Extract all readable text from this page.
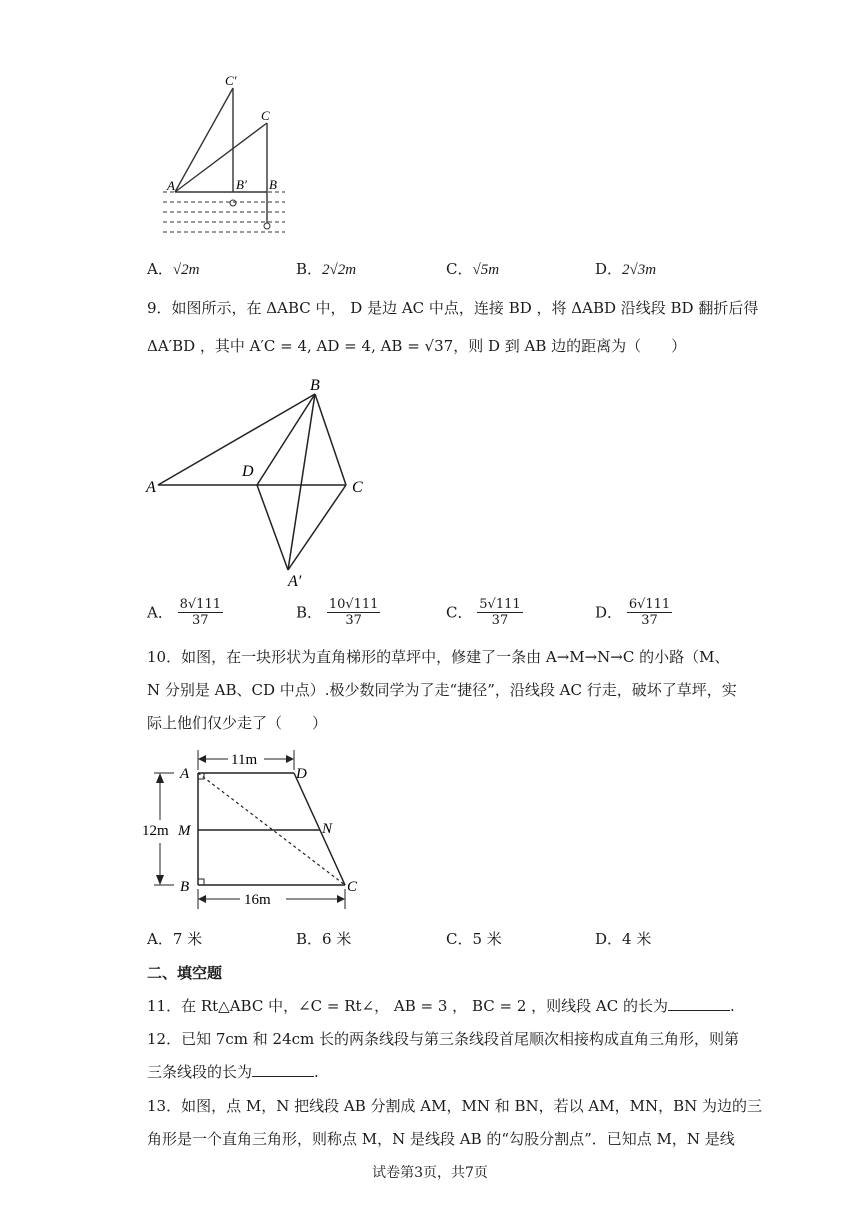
A
C′
C
B′ B
A．√2m	B．2√2m	C．√5m	D．2√3m
9．如图所示，在 ΔABC 中， D 是边 AC 中点，连接 BD ，将 ΔABD 沿线段 BD 翻折后得
ΔA′BD ，其中 A′C = 4, AD = 4, AB = √37，则 D 到 AB 边的距离为（　　）
A
B
C
D
A′
A． $\frac{8√111}{37}$	B． $\frac{10√111}{37}$	C． $\frac{5√111}{37}$	D． $\frac{6√111}{37}$
10．如图，在一块形状为直角梯形的草坪中，修建了一条由 A→M→N→C 的小路（M、
N 分别是 AB、CD 中点）.极少数同学为了走“捷径”，沿线段 AC 行走，破坏了草坪，实
际上他们仅少走了（　　）
A	D
M	N
B	C
11m
16m
12m
A．7 米	B．6 米	C．5 米	D．4 米
二、填空题
11．在 Rt△ABC 中，∠C = Rt∠， AB = 3 ， BC = 2 ，则线段 AC 的长为	.
12．已知 7cm 和 24cm 长的两条线段与第三条线段首尾顺次相接构成直角三角形，则第
三条线段的长为	.
13．如图，点 M，N 把线段 AB 分割成 AM，MN 和 BN，若以 AM，MN，BN 为边的三
角形是一个直角三角形，则称点 M，N 是线段 AB 的“勾股分割点”．已知点 M，N 是线
试卷第3页，共7页
